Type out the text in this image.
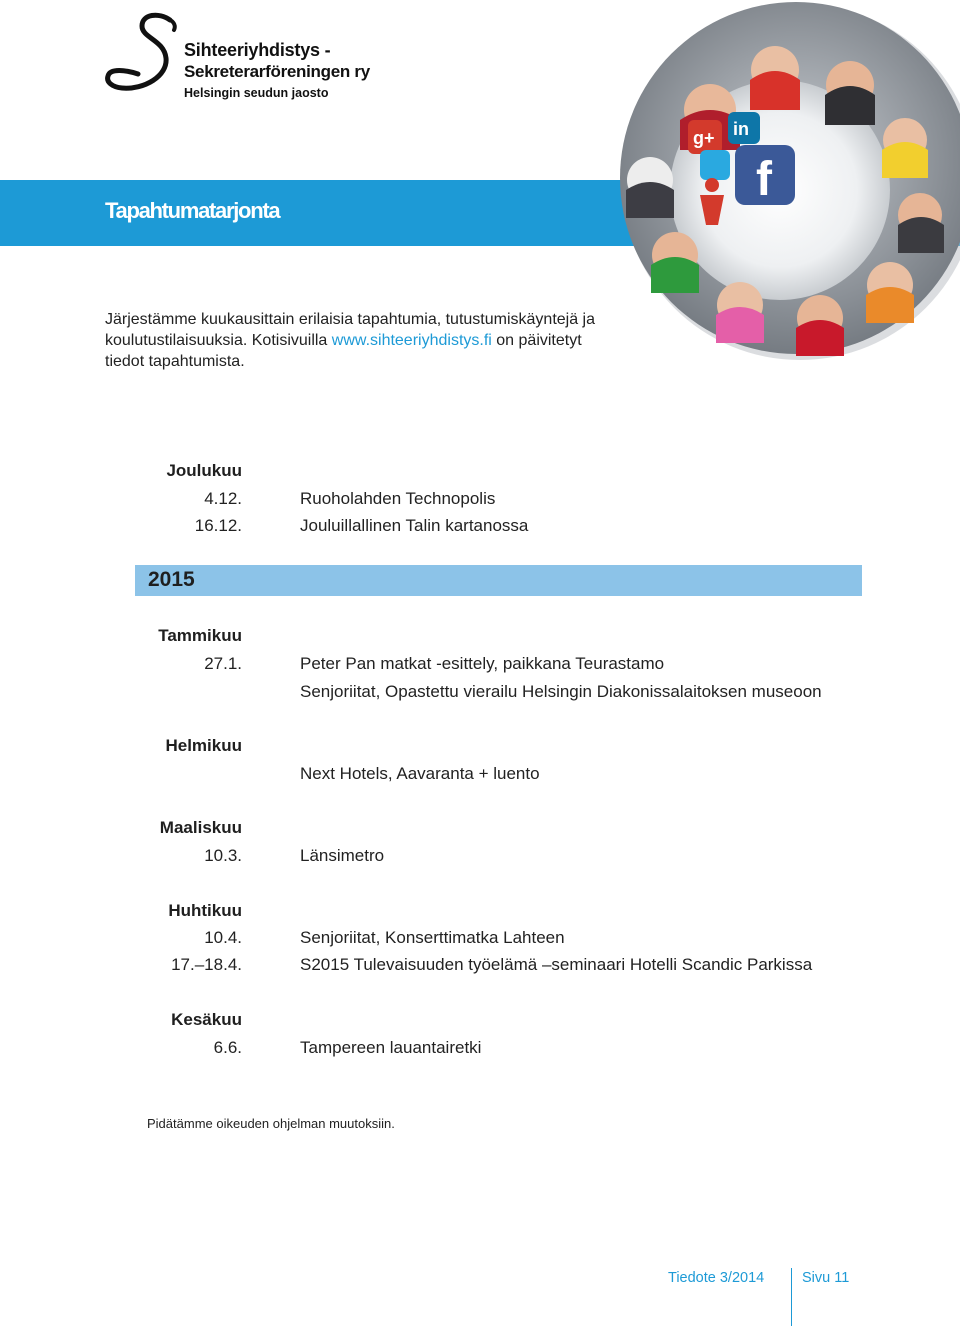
Sihteeriyhdistys -
Sekreterarföreningen ry
Helsingin seudun jaosto
Tapahtumatarjonta
g+ in
f
Järjestämme kuukausittain erilaisia tapahtumia, tutustumiskäyntejä ja koulutustilaisuuksia. Kotisivuilla www.sihteeriyhdistys.fi on päivitetyt tiedot tapahtumista.
Joulukuu
4.12.	Ruoholahden Technopolis
16.12.	Jouluillallinen Talin kartanossa
2015
Tammikuu
27.1.	Peter Pan matkat -esittely, paikkana Teurastamo
Senjoriitat, Opastettu vierailu Helsingin Diakonissalaitoksen museoon
Helmikuu
Next Hotels, Aavaranta + luento
Maaliskuu
10.3.	Länsimetro
Huhtikuu
10.4.	Senjoriitat, Konserttimatka Lahteen
17.–18.4.	S2015 Tulevaisuuden työelämä –seminaari Hotelli Scandic Parkissa
Kesäkuu
6.6.	Tampereen lauantairetki
Pidätämme oikeuden ohjelman muutoksiin.
Tiedote 3/2014	Sivu 11
